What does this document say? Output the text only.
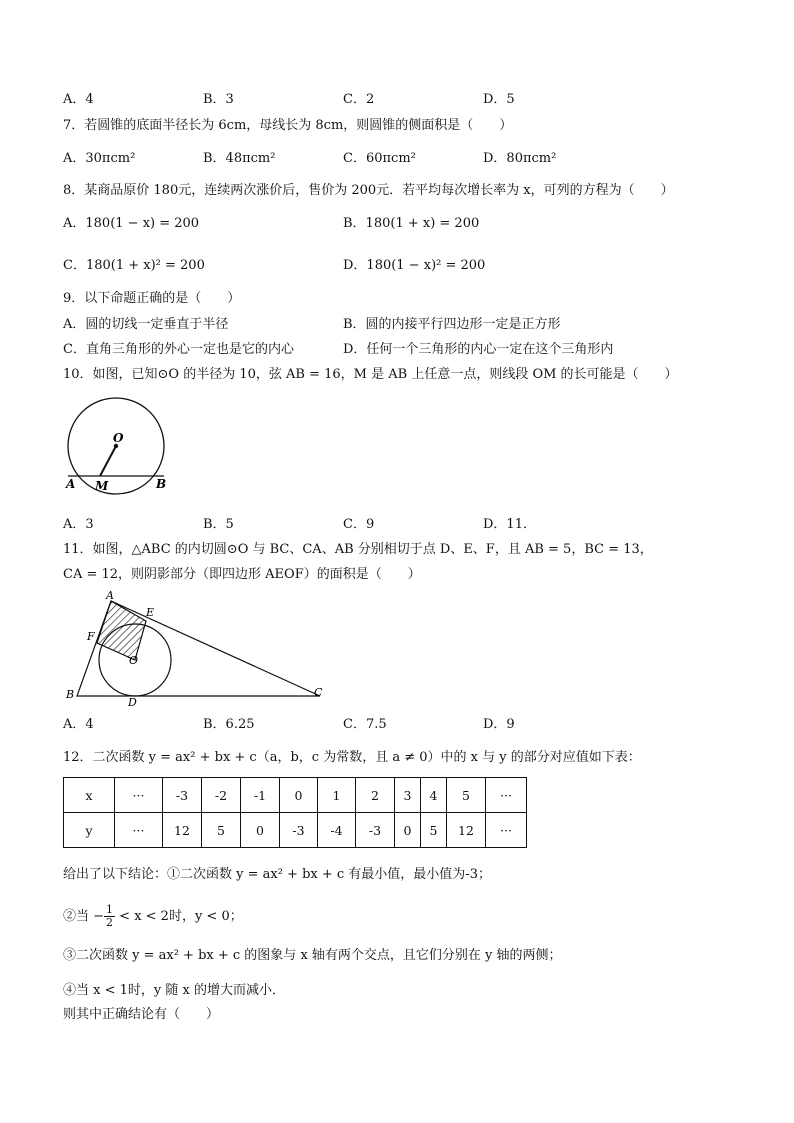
A．4	B．3	C．2	D．5
7．若圆锥的底面半径长为 6cm，母线长为 8cm，则圆锥的侧面积是（　　）
A．30πcm²	B．48πcm²	C．60πcm²	D．80πcm²
8．某商品原价 180元，连续两次涨价后，售价为 200元．若平均每次增长率为 x，可列的方程为（　　）
A．180(1 − x) = 200	B．180(1 + x) = 200
C．180(1 + x)² = 200	D．180(1 − x)² = 200
9．以下命题正确的是（　　）
A．圆的切线一定垂直于半径	B．圆的内接平行四边形一定是正方形
C．直角三角形的外心一定也是它的内心	D．任何一个三角形的内心一定在这个三角形内
10．如图，已知⊙O 的半径为 10，弦 AB = 16，M 是 AB 上任意一点，则线段 OM 的长可能是（　　）
O
A M	B
A．3	B．5	C．9	D．11．
11．如图，△ABC 的内切圆⊙O 与 BC、CA、AB 分别相切于点 D、E、F，且 AB = 5，BC = 13，
CA = 12，则阴影部分（即四边形 AEOF）的面积是（　　）
A
E
F
O
B
D
C
A．4	B．6.25	C．7.5	D．9
12．二次函数 y = ax² + bx + c（a，b，c 为常数，且 a ≠ 0）中的 x 与 y 的部分对应值如下表：
x	···	-3	-2	-1	0	1	2	3	4	5	···
y	···	12	5	0	-3	-4	-3	0	5	12	···
给出了以下结论：①二次函数 y = ax² + bx + c 有最小值，最小值为-3；
②当 − $\frac{1}{2} < x < 2$时，y < 0；
③二次函数 y = ax² + bx + c 的图象与 x 轴有两个交点，且它们分别在 y 轴的两侧；
④当 x < 1时，y 随 x 的增大而减小．
则其中正确结论有（　　）
